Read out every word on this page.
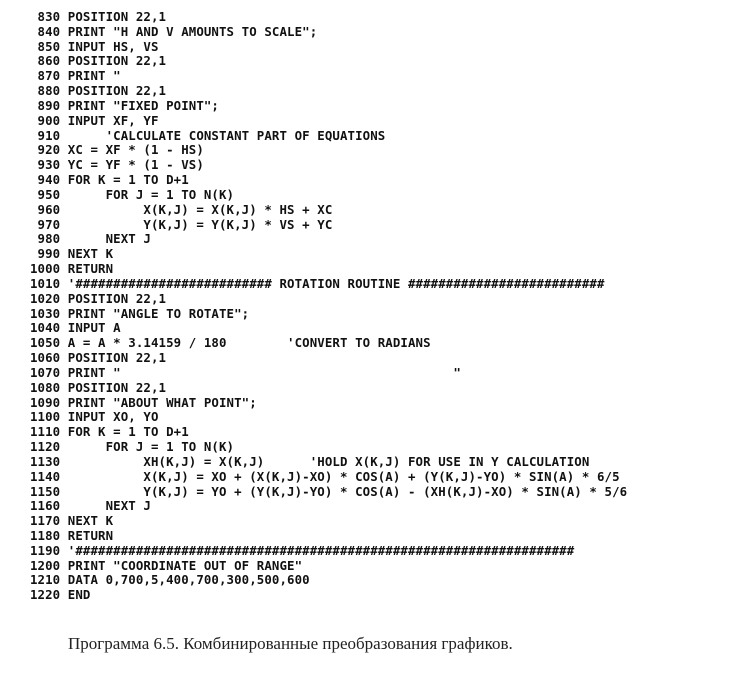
830 POSITION 22,1
840 PRINT "H AND V AMOUNTS TO SCALE";
850 INPUT HS, VS
860 POSITION 22,1
870 PRINT "
880 POSITION 22,1
890 PRINT "FIXED POINT";
900 INPUT XF, YF
910      'CALCULATE CONSTANT PART OF EQUATIONS
920 XC = XF * (1 - HS)
930 YC = YF * (1 - VS)
940 FOR K = 1 TO D+1
950      FOR J = 1 TO N(K)
960           X(K,J) = X(K,J) * HS + XC
970           Y(K,J) = Y(K,J) * VS + YC
980      NEXT J
990 NEXT K
1000 RETURN
1010 '########################## ROTATION ROUTINE ##########################
1020 POSITION 22,1
1030 PRINT "ANGLE TO ROTATE";
1040 INPUT A
1050 A = A * 3.14159 / 180        'CONVERT TO RADIANS
1060 POSITION 22,1
1070 PRINT "                                            "
1080 POSITION 22,1
1090 PRINT "ABOUT WHAT POINT";
1100 INPUT XO, YO
1110 FOR K = 1 TO D+1
1120      FOR J = 1 TO N(K)
1130           XH(K,J) = X(K,J)      'HOLD X(K,J) FOR USE IN Y CALCULATION
1140           X(K,J) = XO + (X(K,J)-XO) * COS(A) + (Y(K,J)-YO) * SIN(A) * 6/5
1150           Y(K,J) = YO + (Y(K,J)-YO) * COS(A) - (XH(K,J)-XO) * SIN(A) * 5/6
1160      NEXT J
1170 NEXT K
1180 RETURN
1190 '##################################################################
1200 PRINT "COORDINATE OUT OF RANGE"
1210 DATA 0,700,5,400,700,300,500,600
1220 END
Программа 6.5. Комбинированные преобразования графиков.
